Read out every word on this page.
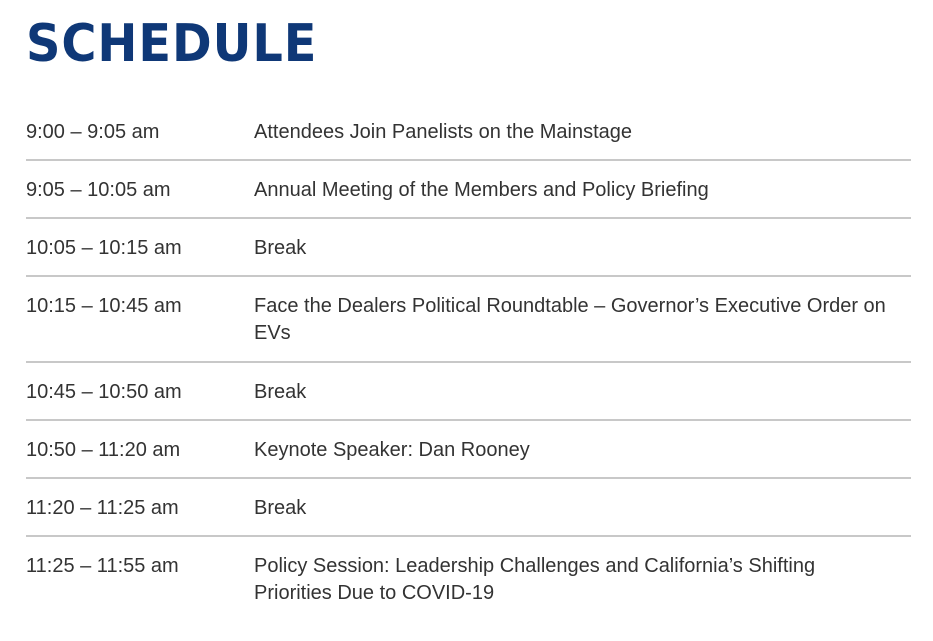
SCHEDULE
9:00 – 9:05 am	Attendees Join Panelists on the Mainstage
9:05 – 10:05 am	Annual Meeting of the Members and Policy Briefing
10:05 – 10:15 am	Break
10:15 – 10:45 am	Face the Dealers Political Roundtable – Governor’s Executive Order on EVs
10:45 – 10:50 am	Break
10:50 – 11:20 am	Keynote Speaker: Dan Rooney
11:20 – 11:25 am	Break
11:25 – 11:55 am	Policy Session: Leadership Challenges and California’s Shifting Priorities Due to COVID-19
